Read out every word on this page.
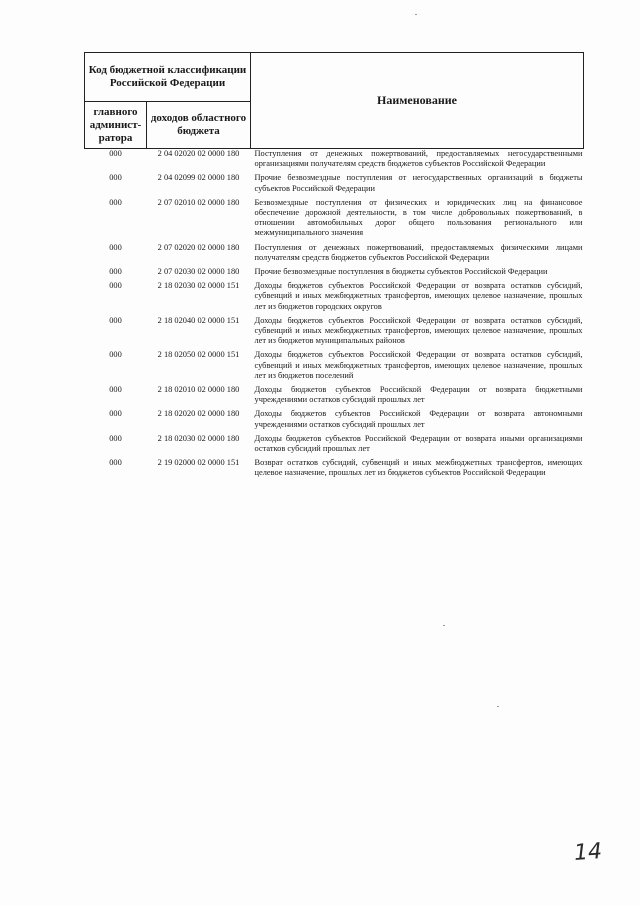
Код бюджетной классификации Российской Федерации		Наименование
главного админист-ратора	доходов областного бюджета	
000	2 04 02020 02 0000 180	Поступления от денежных пожертвований, предоставляемых негосударственными организациями получателям средств бюджетов субъектов Российской Федерации
000	2 04 02099 02 0000 180	Прочие безвозмездные поступления от негосударственных организаций в бюджеты субъектов Российской Федерации
000	2 07 02010 02 0000 180	Безвозмездные поступления от физических и юридических лиц на финансовое обеспечение дорожной деятельности, в том числе добровольных пожертвований, в отношении автомобильных дорог общего пользования регионального или межмуниципального значения
000	2 07 02020 02 0000 180	Поступления от денежных пожертвований, предоставляемых физическими лицами получателям средств бюджетов субъектов Российской Федерации
000	2 07 02030 02 0000 180	Прочие безвозмездные поступления в бюджеты субъектов Российской Федерации
000	2 18 02030 02 0000 151	Доходы бюджетов субъектов Российской Федерации от возврата остатков субсидий, субвенций и иных межбюджетных трансфертов, имеющих целевое назначение, прошлых лет из бюджетов городских округов
000	2 18 02040 02 0000 151	Доходы бюджетов субъектов Российской Федерации от возврата остатков субсидий, субвенций и иных межбюджетных трансфертов, имеющих целевое назначение, прошлых лет из бюджетов муниципальных районов
000	2 18 02050 02 0000 151	Доходы бюджетов субъектов Российской Федерации от возврата остатков субсидий, субвенций и иных межбюджетных трансфертов, имеющих целевое назначение, прошлых лет из бюджетов поселений
000	2 18 02010 02 0000 180	Доходы бюджетов субъектов Российской Федерации от возврата бюджетными учреждениями остатков субсидий прошлых лет
000	2 18 02020 02 0000 180	Доходы бюджетов субъектов Российской Федерации от возврата автономными учреждениями остатков субсидий прошлых лет
000	2 18 02030 02 0000 180	Доходы бюджетов субъектов Российской Федерации от возврата иными организациями остатков субсидий прошлых лет
000	2 19 02000 02 0000 151	Возврат остатков субсидий, субвенций и иных межбюджетных трансфертов, имеющих целевое назначение, прошлых лет из бюджетов субъектов Российской Федерации
14
